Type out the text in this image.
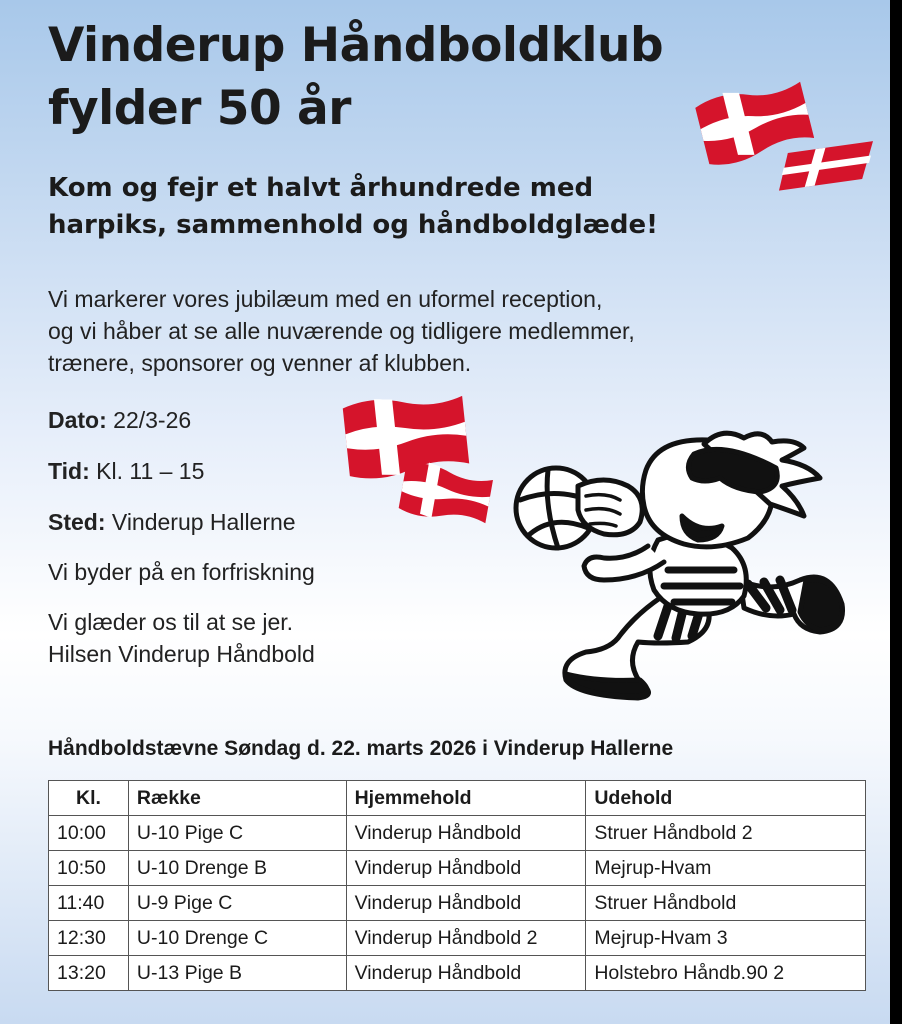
Vinderup Håndboldklub
fylder 50 år
Kom og fejr et halvt århundrede med
harpiks, sammenhold og håndboldglæde!

Vi markerer vores jubilæum med en uformel reception,
og vi håber at se alle nuværende og tidligere medlemmer,
trænere, sponsorer og venner af klubben.

Dato: 22/3-26

Tid: Kl. 11 – 15

Sted: Vinderup Hallerne

Vi byder på en forfriskning

Vi glæder os til at se jer.
Hilsen Vinderup Håndbold

Håndboldstævne Søndag d. 22. marts 2026 i Vinderup Hallerne
Kl.	Række	Hjemmehold	Udehold
10:00	U-10 Pige C	Vinderup Håndbold	Struer Håndbold 2
10:50	U-10 Drenge B	Vinderup Håndbold	Mejrup-Hvam
11:40	U-9 Pige C	Vinderup Håndbold	Struer Håndbold
12:30	U-10 Drenge C	Vinderup Håndbold 2	Mejrup-Hvam 3
13:20	U-13 Pige B	Vinderup Håndbold	Holstebro Håndb.90 2
